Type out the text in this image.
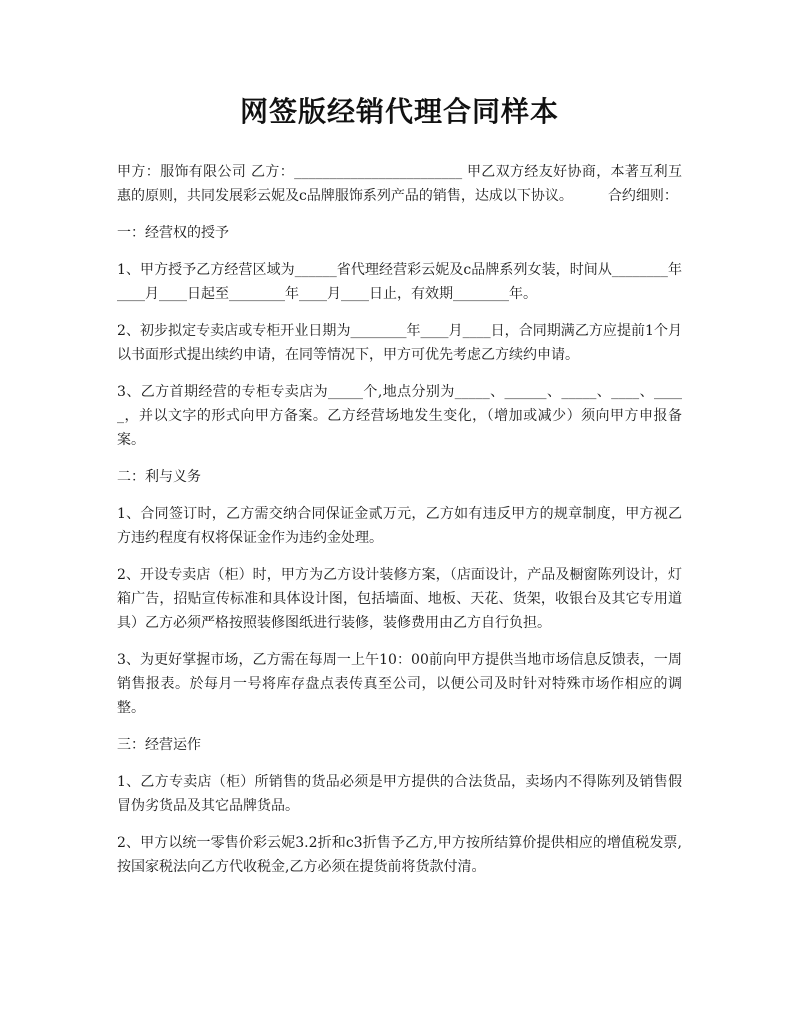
网签版经销代理合同样本

甲方：服饰有限公司 乙方：________________________ 甲乙双方经友好协商，本著互利互惠的原则，共同发展彩云妮及c品牌服饰系列产品的销售，达成以下协议。　　　合约细则：

一：经营权的授予

1、甲方授予乙方经营区域为______省代理经营彩云妮及c品牌系列女装，时间从________年____月____日起至________年____月____日止，有效期________年。

2、初步拟定专卖店或专柜开业日期为________年____月____日，合同期满乙方应提前1个月以书面形式提出续约申请，在同等情况下，甲方可优先考虑乙方续约申请。

3、乙方首期经营的专柜专卖店为_____个,地点分别为_____、______、_____、____、_____，并以文字的形式向甲方备案。乙方经营场地发生变化，（增加或减少）须向甲方申报备案。

二：利与义务

1、合同签订时，乙方需交纳合同保证金贰万元，乙方如有违反甲方的规章制度，甲方视乙方违约程度有权将保证金作为违约金处理。

2、开设专卖店（柜）时，甲方为乙方设计装修方案，（店面设计，产品及橱窗陈列设计，灯箱广告，招贴宣传标准和具体设计图，包括墙面、地板、天花、货架，收银台及其它专用道具）乙方必须严格按照装修图纸进行装修，装修费用由乙方自行负担。

3、为更好掌握市场，乙方需在每周一上午10：00前向甲方提供当地市场信息反馈表，一周销售报表。於每月一号将库存盘点表传真至公司，以便公司及时针对特殊市场作相应的调整。

三：经营运作

1、乙方专卖店（柜）所销售的货品必须是甲方提供的合法货品，卖场内不得陈列及销售假冒伪劣货品及其它品牌货品。

2、甲方以统一零售价彩云妮3.2折和c3折售予乙方,甲方按所结算价提供相应的增值税发票,按国家税法向乙方代收税金,乙方必须在提货前将货款付清。
